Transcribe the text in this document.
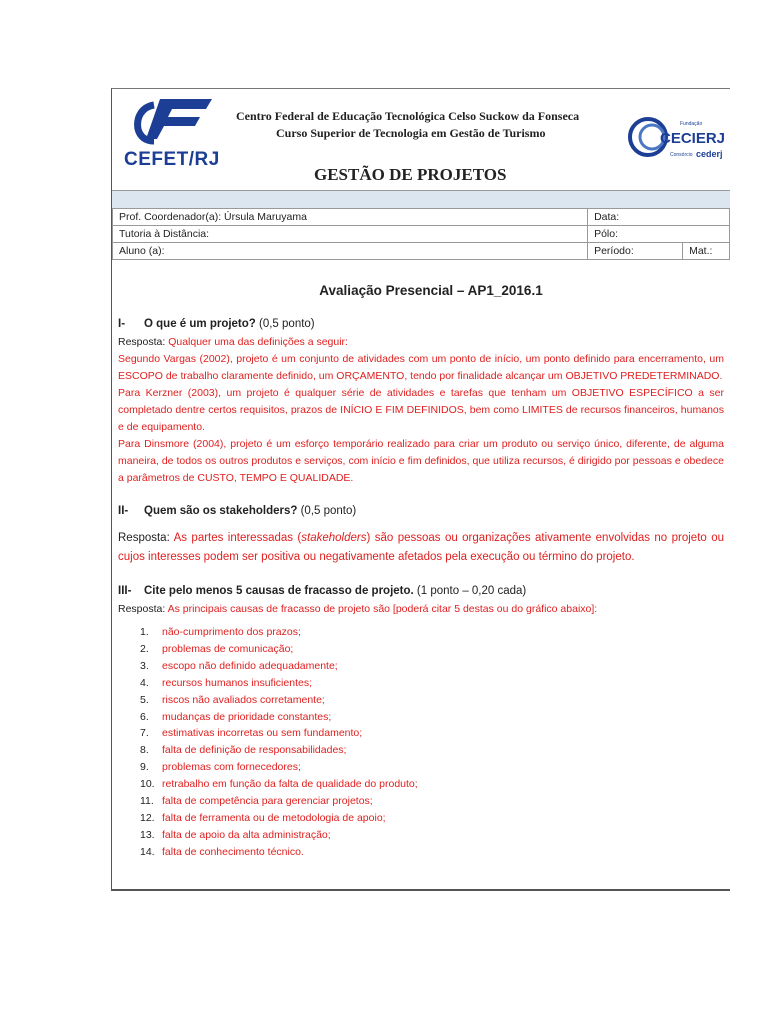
CEFET/RJ
Centro Federal de Educação Tecnológica Celso Suckow da Fonseca
Curso Superior de Tecnologia em Gestão de Turismo
GESTÃO DE PROJETOS
Fundação
CECIERJ
Consórcio cederj
Prof. Coordenador(a): Úrsula Maruyama	Data:	
Tutoria à Distância:	Pólo:	
Aluno (a):	Período:	Mat.:
Avaliação Presencial – AP1_2016.1
I- O que é um projeto? (0,5 ponto)

Resposta: Qualquer uma das definições a seguir:

Segundo Vargas (2002), projeto é um conjunto de atividades com um ponto de início, um ponto definido para encerramento, um ESCOPO de trabalho claramente definido, um ORÇAMENTO, tendo por finalidade alcançar um OBJETIVO PREDETERMINADO.

Para Kerzner (2003), um projeto é qualquer série de atividades e tarefas que tenham um OBJETIVO ESPECÍFICO a ser completado dentre certos requisitos, prazos de INÍCIO E FIM DEFINIDOS, bem como LIMITES de recursos financeiros, humanos e de equipamento.

Para Dinsmore (2004), projeto é um esforço temporário realizado para criar um produto ou serviço único, diferente, de alguma maneira, de todos os outros produtos e serviços, com início e fim definidos, que utiliza recursos, é dirigido por pessoas e obedece a parâmetros de CUSTO, TEMPO E QUALIDADE.

II- Quem são os stakeholders? (0,5 ponto)

Resposta: As partes interessadas (stakeholders) são pessoas ou organizações ativamente envolvidas no projeto ou cujos interesses podem ser positiva ou negativamente afetados pela execução ou término do projeto.

III- Cite pelo menos 5 causas de fracasso de projeto. (1 ponto – 0,20 cada)

Resposta: As principais causas de fracasso de projeto são [poderá citar 5 destas ou do gráfico abaixo]:

1. não-cumprimento dos prazos;
2. problemas de comunicação;
3. escopo não definido adequadamente;
4. recursos humanos insuficientes;
5. riscos não avaliados corretamente;
6. mudanças de prioridade constantes;
7. estimativas incorretas ou sem fundamento;
8. falta de definição de responsabilidades;
9. problemas com fornecedores;
10. retrabalho em função da falta de qualidade do produto;
11. falta de competência para gerenciar projetos;
12. falta de ferramenta ou de metodologia de apoio;
13. falta de apoio da alta administração;
14. falta de conhecimento técnico.
